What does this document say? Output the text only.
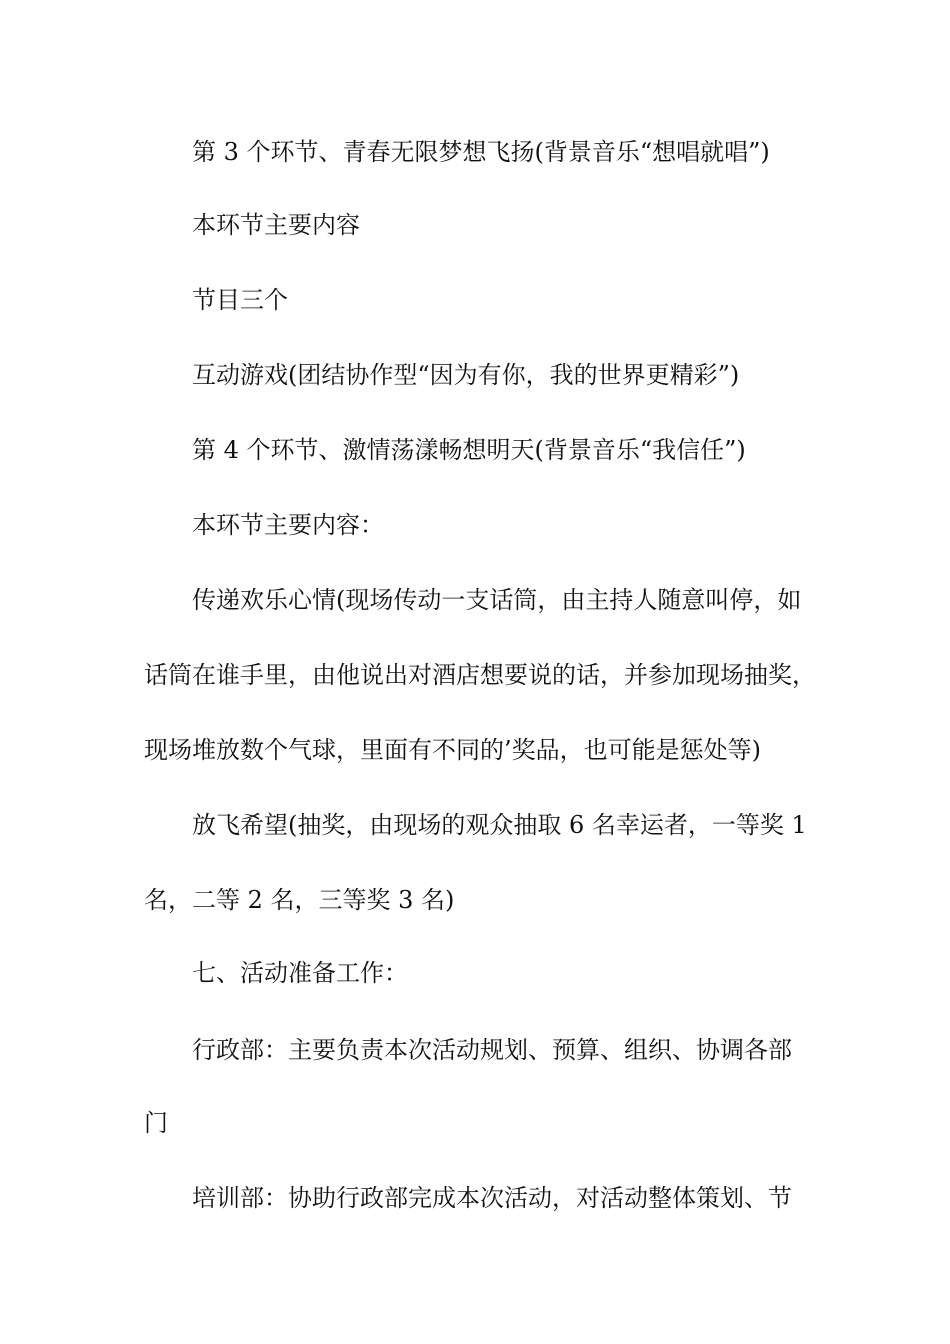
第 3 个环节、青春无限梦想飞扬(背景音乐“想唱就唱”)
本环节主要内容
节目三个
互动游戏(团结协作型“因为有你，我的世界更精彩”)
第 4 个环节、激情荡漾畅想明天(背景音乐“我信任”)
本环节主要内容：
传递欢乐心情(现场传动一支话筒，由主持人随意叫停，如
话筒在谁手里，由他说出对酒店想要说的话，并参加现场抽奖，
现场堆放数个气球，里面有不同的’奖品，也可能是惩处等)
放飞希望(抽奖，由现场的观众抽取 6 名幸运者，一等奖 1
名，二等 2 名，三等奖 3 名)
七、活动准备工作：
行政部：主要负责本次活动规划、预算、组织、协调各部
门
培训部：协助行政部完成本次活动，对活动整体策划、节
